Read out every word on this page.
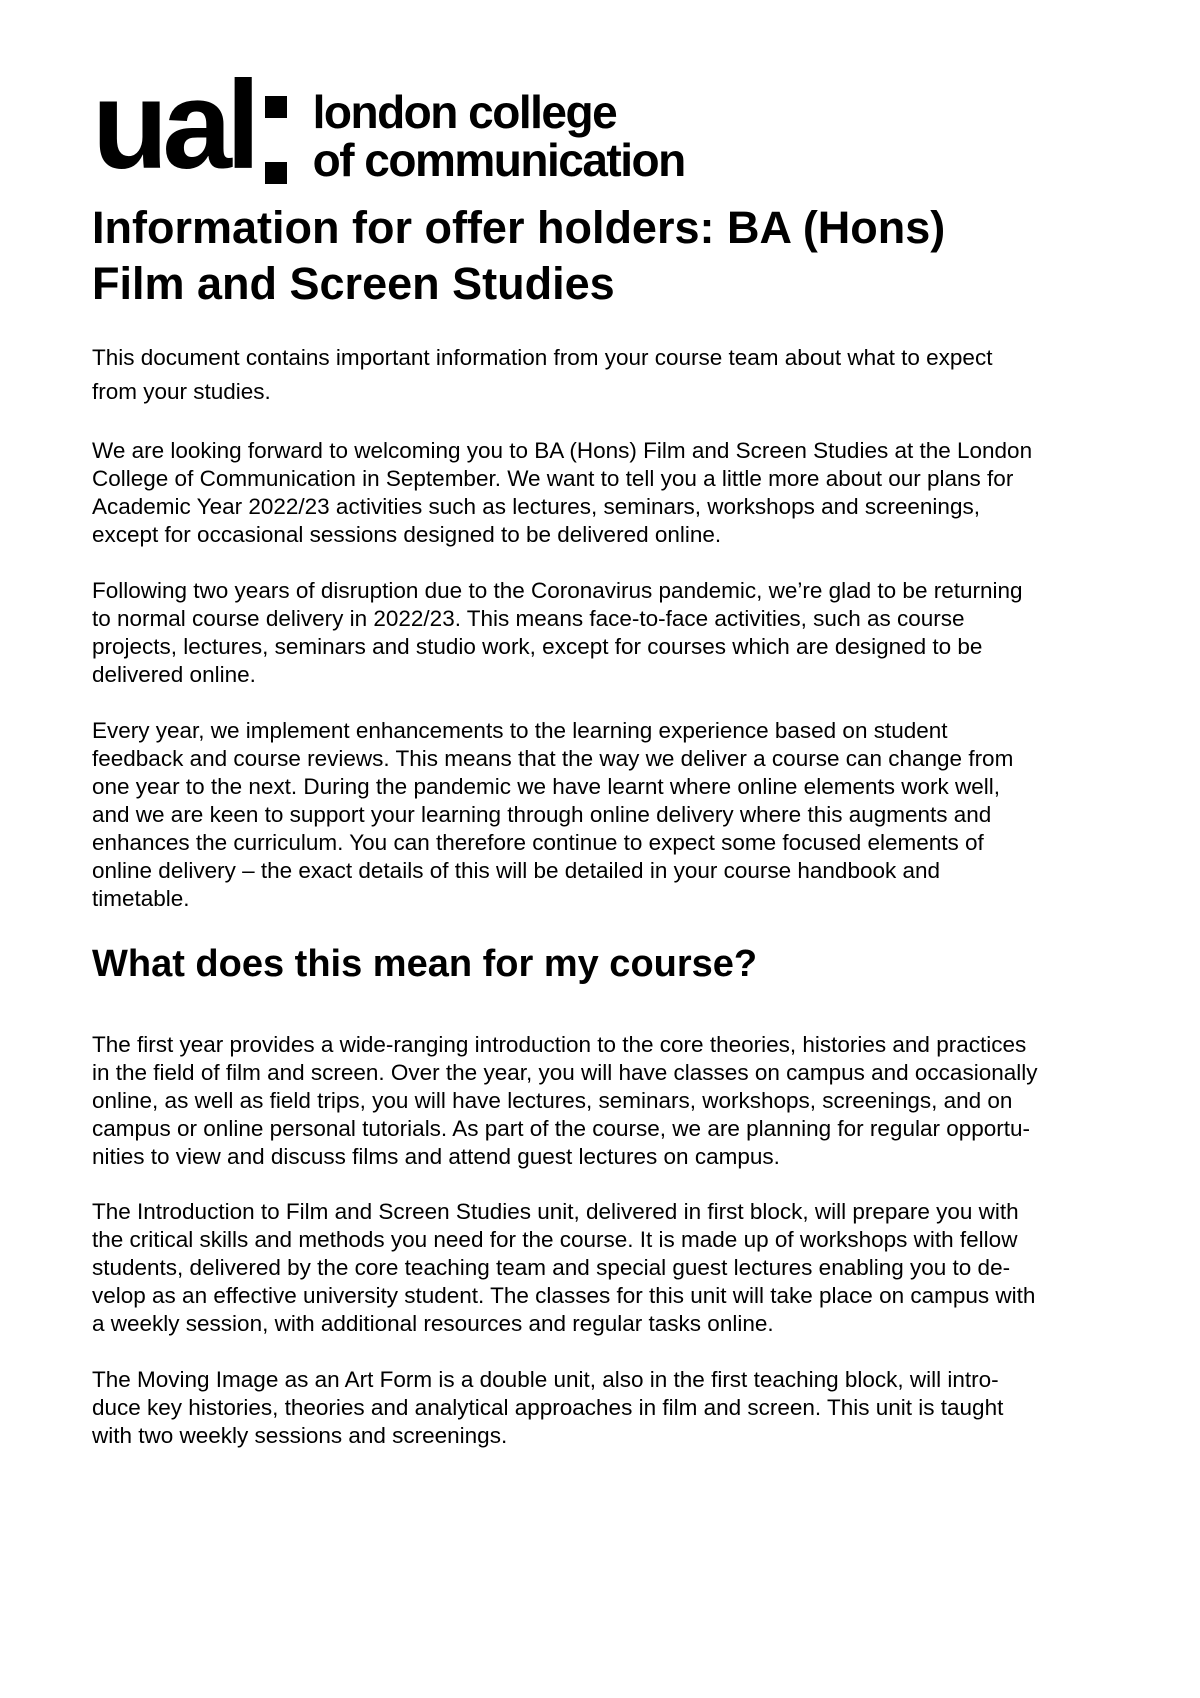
ual london college
of communication
Information for offer holders: BA (Hons)
Film and Screen Studies

This document contains important information from your course team about what to expect
from your studies.

We are looking forward to welcoming you to BA (Hons) Film and Screen Studies at the London
College of Communication in September. We want to tell you a little more about our plans for
Academic Year 2022/23 activities such as lectures, seminars, workshops and screenings,
except for occasional sessions designed to be delivered online.

Following two years of disruption due to the Coronavirus pandemic, we’re glad to be returning
to normal course delivery in 2022/23. This means face-to-face activities, such as course
projects, lectures, seminars and studio work, except for courses which are designed to be
delivered online.

Every year, we implement enhancements to the learning experience based on student
feedback and course reviews. This means that the way we deliver a course can change from
one year to the next. During the pandemic we have learnt where online elements work well,
and we are keen to support your learning through online delivery where this augments and
enhances the curriculum. You can therefore continue to expect some focused elements of
online delivery – the exact details of this will be detailed in your course handbook and
timetable.

What does this mean for my course?

The first year provides a wide-ranging introduction to the core theories, histories and practices
in the field of film and screen. Over the year, you will have classes on campus and occasionally
online, as well as field trips, you will have lectures, seminars, workshops, screenings, and on
campus or online personal tutorials. As part of the course, we are planning for regular opportu-
nities to view and discuss films and attend guest lectures on campus.

The Introduction to Film and Screen Studies unit, delivered in first block, will prepare you with
the critical skills and methods you need for the course. It is made up of workshops with fellow
students, delivered by the core teaching team and special guest lectures enabling you to de-
velop as an effective university student. The classes for this unit will take place on campus with
a weekly session, with additional resources and regular tasks online.

The Moving Image as an Art Form is a double unit, also in the first teaching block, will intro-
duce key histories, theories and analytical approaches in film and screen. This unit is taught
with two weekly sessions and screenings.
